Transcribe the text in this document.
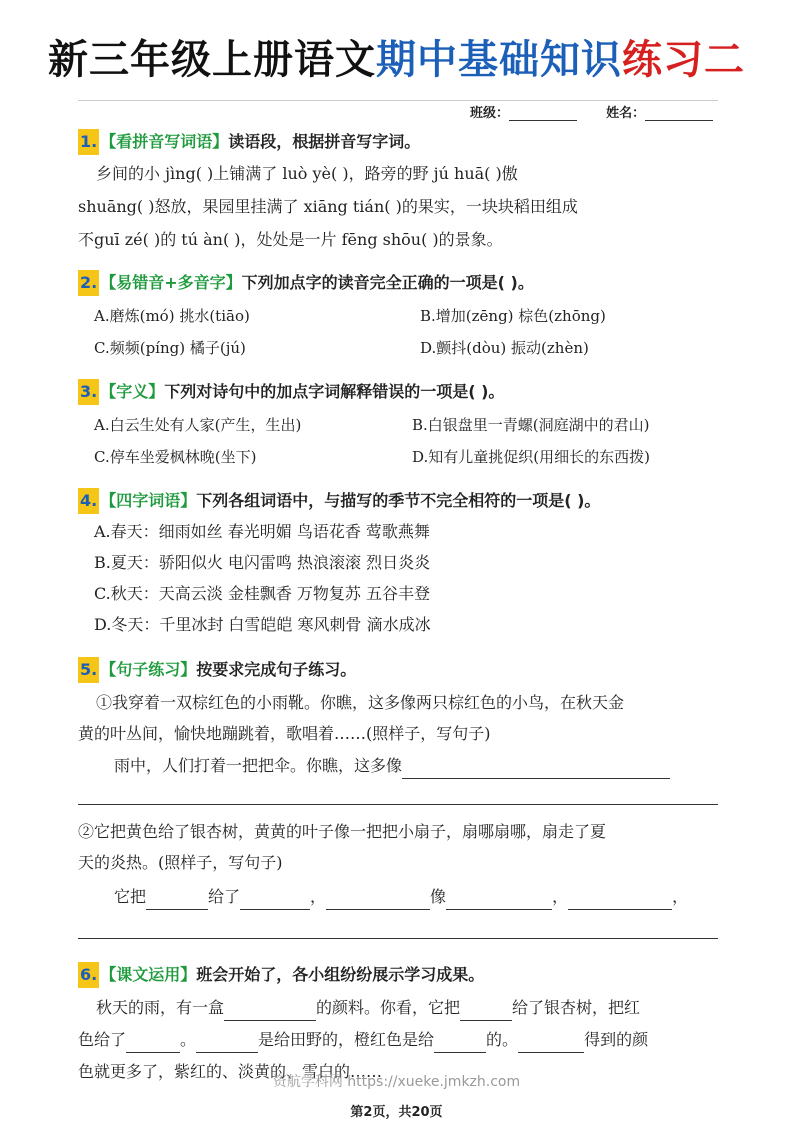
新三年级上册语文期中基础知识练习二
班级：	姓名：
1. 【看拼音写词语】读语段，根据拼音写字词。
乡间的小 jìng( )上铺满了 luò yè( )，路旁的野 jú huā( )傲
shuāng( )怒放，果园里挂满了 xiāng tián( )的果实，一块块稻田组成
不guī zé( )的 tú àn( )，处处是一片 fēng shōu( )的景象。
2. 【易错音+多音字】下列加点字的读音完全正确的一项是( )。
A.磨炼(mó) 挑水(tiāo)	B.增加(zēng) 棕色(zhōng)
C.频频(píng) 橘子(jú)	D.颤抖(dòu) 振动(zhèn)
3. 【字义】下列对诗句中的加点字词解释错误的一项是( )。
A.白云生处有人家(产生，生出)	B.白银盘里一青螺(洞庭湖中的君山)
C.停车坐爱枫林晚(坐下)	D.知有儿童挑促织(用细长的东西拨)
4. 【四字词语】下列各组词语中，与描写的季节不完全相符的一项是( )。
A.春天：细雨如丝 春光明媚 鸟语花香 莺歌燕舞
B.夏天：骄阳似火 电闪雷鸣 热浪滚滚 烈日炎炎
C.秋天：天高云淡 金桂飘香 万物复苏 五谷丰登
D.冬天：千里冰封 白雪皑皑 寒风刺骨 滴水成冰
5. 【句子练习】按要求完成句子练习。
①我穿着一双棕红色的小雨靴。你瞧，这多像两只棕红色的小鸟，在秋天金
黄的叶丛间，愉快地蹦跳着，歌唱着……(照样子，写句子)
雨中，人们打着一把把伞。你瞧，这多像
②它把黄色给了银杏树，黄黄的叶子像一把把小扇子，扇哪扇哪，扇走了夏
天的炎热。(照样子，写句子)
它把	给了	，	像	，	，
6. 【课文运用】班会开始了，各小组纷纷展示学习成果。
秋天的雨，有一盒	的颜料。你看，它把	给了银杏树，把红
色给了	。	是给田野的，橙红色是给	的。	得到的颜
色就更多了，紫红的、淡黄的、雪白的……
资航学科网 https://xueke.jmkzh.com
第2页，共20页
